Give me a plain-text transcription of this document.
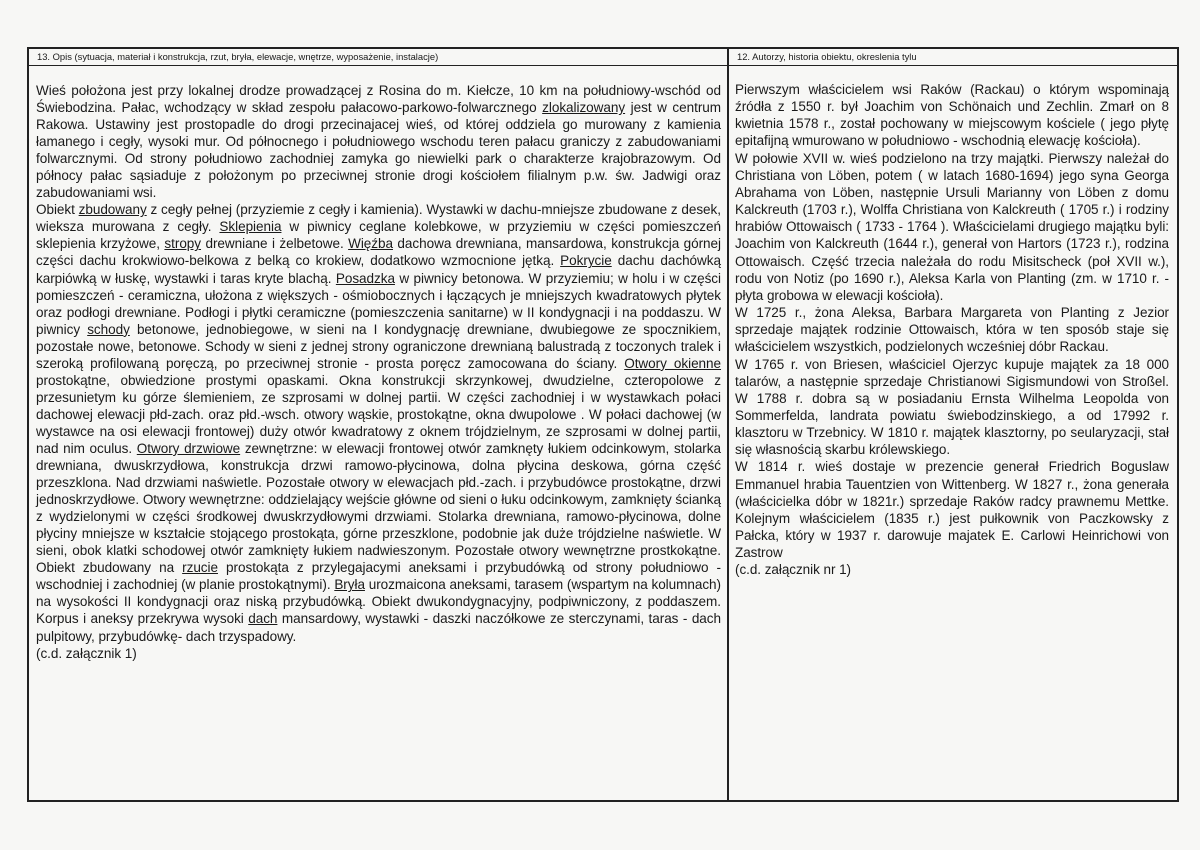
13. Opis (sytuacja, materiał i konstrukcja, rzut, bryła, elewacje, wnętrze, wyposażenie, instalacje)

Wieś położona jest przy lokalnej drodze prowadzącej z Rosina do m. Kiełcze, 10 km na południowy-wschód od Świebodzina. Pałac, wchodzący w skład zespołu pałacowo-parkowo-folwarcznego zlokalizowany jest w centrum Rakowa. Ustawiny jest prostopadle do drogi przecinajacej wieś, od której oddziela go murowany z kamienia łamanego i cegły, wysoki mur. Od północnego i południowego wschodu teren pałacu graniczy z zabudowaniami folwarcznymi. Od strony południowo zachodniej zamyka go niewielki park o charakterze krajobrazowym. Od północy pałac sąsiaduje z położonym po przeciwnej stronie drogi kościołem filialnym p.w. św. Jadwigi oraz zabudowaniami wsi.

Obiekt zbudowany z cegły pełnej (przyziemie z cegły i kamienia). Wystawki w dachu-mniejsze zbudowane z desek, wieksza murowana z cegły. Sklepienia w piwnicy ceglane kolebkowe, w przyziemiu w części pomieszczeń sklepienia krzyżowe, stropy drewniane i żelbetowe. Więźba dachowa drewniana, mansardowa, konstrukcja górnej części dachu krokwiowo-belkowa z belką co krokiew, dodatkowo wzmocnione jętką. Pokrycie dachu dachówką karpiówką w łuskę, wystawki i taras kryte blachą. Posadzka w piwnicy betonowa. W przyziemiu; w holu i w części pomieszczeń - ceramiczna, ułożona z większych - ośmiobocznych i łączących je mniejszych kwadratowych płytek oraz podłogi drewniane. Podłogi i płytki ceramiczne (pomieszczenia sanitarne) w II kondygnacji i na poddaszu. W piwnicy schody betonowe, jednobiegowe, w sieni na I kondygnację drewniane, dwubiegowe ze spocznikiem, pozostałe nowe, betonowe. Schody w sieni z jednej strony ograniczone drewnianą balustradą z toczonych tralek i szeroką profilowaną poręczą, po przeciwnej stronie - prosta poręcz zamocowana do ściany. Otwory okienne prostokątne, obwiedzione prostymi opaskami. Okna konstrukcji skrzynkowej, dwudzielne, czteropolowe z przesunietym ku górze ślemieniem, ze szprosami w dolnej partii. W części zachodniej i w wystawkach połaci dachowej elewacji płd-zach. oraz płd.-wsch. otwory wąskie, prostokątne, okna dwupolowe . W połaci dachowej (w wystawce na osi elewacji frontowej) duży otwór kwadratowy z oknem trójdzielnym, ze szprosami w dolnej partii, nad nim oculus. Otwory drzwiowe zewnętrzne: w elewacji frontowej otwór zamknęty łukiem odcinkowym, stolarka drewniana, dwuskrzydłowa, konstrukcja drzwi ramowo-płycinowa, dolna płycina deskowa, górna część przeszklona. Nad drzwiami naświetle. Pozostałe otwory w elewacjach płd.-zach. i przybudówce prostokątne, drzwi jednoskrzydłowe. Otwory wewnętrzne: oddzielający wejście główne od sieni o łuku odcinkowym, zamknięty ścianką z wydzielonymi w części środkowej dwuskrzydłowymi drzwiami. Stolarka drewniana, ramowo-płycinowa, dolne płyciny mniejsze w kształcie stojącego prostokąta, górne przeszklone, podobnie jak duże trójdzielne naświetle. W sieni, obok klatki schodowej otwór zamknięty łukiem nadwieszonym. Pozostałe otwory wewnętrzne prostkokątne. Obiekt zbudowany na rzucie prostokąta z przylegajacymi aneksami i przybudówką od strony południowo - wschodniej i zachodniej (w planie prostokątnymi). Bryła urozmaicona aneksami, tarasem (wspartym na kolumnach) na wysokości II kondygnacji oraz niską przybudówką. Obiekt dwukondygnacyjny, podpiwniczony, z poddaszem. Korpus i aneksy przekrywa wysoki dach mansardowy, wystawki - daszki naczółkowe ze sterczynami, taras - dach pulpitowy, przybudówkę- dach trzyspadowy.

(c.d. załącznik 1)

12. Autorzy, historia obiektu, okreslenia tylu

Pierwszym właścicielem wsi Raków (Rackau) o którym wspominają źródła z 1550 r. był Joachim von Schönaich und Zechlin. Zmarł on 8 kwietnia 1578 r., został pochowany w miejscowym kościele ( jego płytę epitafijną wmurowano w południowo - wschodnią elewację kościoła).

W połowie XVII w. wieś podzielono na trzy majątki. Pierwszy należał do Christiana von Löben, potem ( w latach 1680-1694) jego syna Georga Abrahama von Löben, następnie Ursuli Marianny von Löben z domu Kalckreuth (1703 r.), Wolffa Christiana von Kalckreuth ( 1705 r.) i rodziny hrabiów Ottowaisch ( 1733 - 1764 ). Właścicielami drugiego majątku byli: Joachim von Kalckreuth (1644 r.), generał von Hartors (1723 r.), rodzina Ottowaisch. Część trzecia należała do rodu Misitscheck (poł XVII w.), rodu von Notiz (po 1690 r.), Aleksa Karla von Planting (zm. w 1710 r. - płyta grobowa w elewacji kościoła).

W 1725 r., żona Aleksa, Barbara Margareta von Planting z Jezior sprzedaje majątek rodzinie Ottowaisch, która w ten sposób staje się właścicielem wszystkich, podzielonych wcześniej dóbr Rackau.

W 1765 r. von Briesen, właściciel Ojerzyc kupuje majątek za 18 000 talarów, a następnie sprzedaje Christianowi Sigismundowi von Stroßel. W 1788 r. dobra są w posiadaniu Ernsta Wilhelma Leopolda von Sommerfelda, landrata powiatu świebodzinskiego, a od 17992 r. klasztoru w Trzebnicy. W 1810 r. majątek klasztorny, po seularyzacji, stał się własnością skarbu królewskiego.

W 1814 r. wieś dostaje w prezencie generał Friedrich Boguslaw Emmanuel hrabia Tauentzien von Wittenberg. W 1827 r., żona generała (właścicielka dóbr w 1821r.) sprzedaje Raków radcy prawnemu Mettke. Kolejnym właścicielem (1835 r.) jest pułkownik von Paczkowsky z Pałcka, który w 1937 r. darowuje majatek E. Carlowi Heinrichowi von Zastrow

(c.d. załącznik nr 1)
